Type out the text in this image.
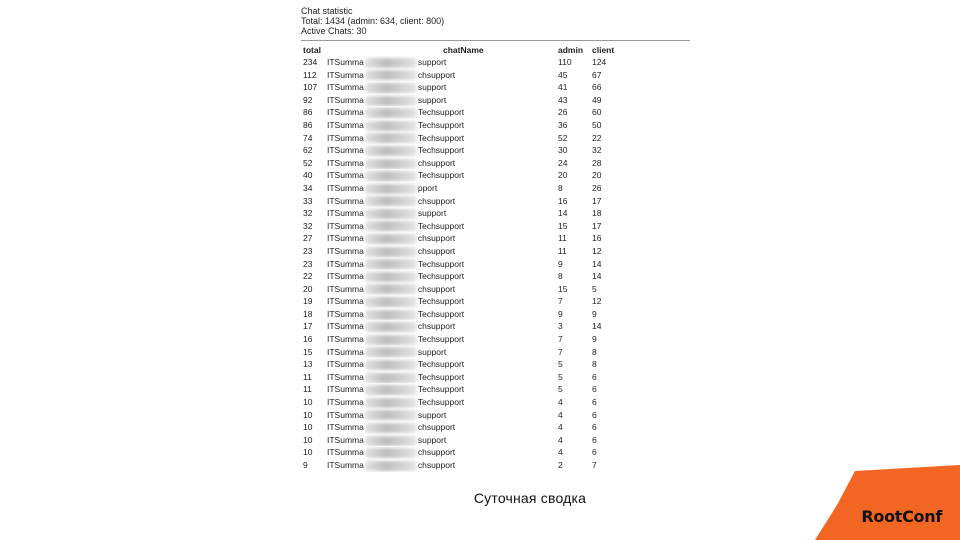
Chat statistic
Total: 1434 (admin: 634, client: 800)
Active Chats: 30
total	chatName	admin	client
234	ITSumma support	110	124
112	ITSumma chsupport	45	67
107	ITSumma support	41	66
92	ITSumma support	43	49
86	ITSumma Techsupport	26	60
86	ITSumma Techsupport	36	50
74	ITSumma Techsupport	52	22
62	ITSumma Techsupport	30	32
52	ITSumma chsupport	24	28
40	ITSumma Techsupport	20	20
34	ITSumma pport	8	26
33	ITSumma chsupport	16	17
32	ITSumma support	14	18
32	ITSumma Techsupport	15	17
27	ITSumma chsupport	11	16
23	ITSumma chsupport	11	12
23	ITSumma Techsupport	9	14
22	ITSumma Techsupport	8	14
20	ITSumma chsupport	15	5
19	ITSumma Techsupport	7	12
18	ITSumma Techsupport	9	9
17	ITSumma chsupport	3	14
16	ITSumma Techsupport	7	9
15	ITSumma support	7	8
13	ITSumma Techsupport	5	8
11	ITSumma Techsupport	5	6
11	ITSumma Techsupport	5	6
10	ITSumma Techsupport	4	6
10	ITSumma support	4	6
10	ITSumma chsupport	4	6
10	ITSumma support	4	6
10	ITSumma chsupport	4	6
9	ITSumma chsupport	2	7
Суточная сводка
RootConf
